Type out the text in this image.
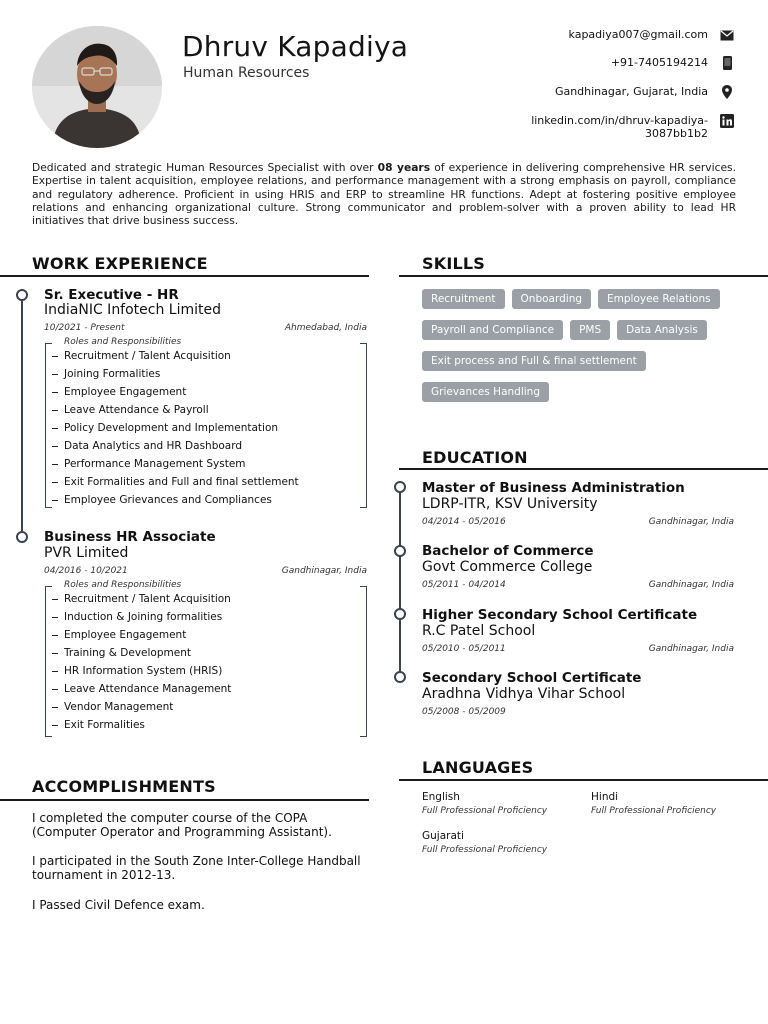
Dhruv Kapadiya
Human Resources
kapadiya007@gmail.com
+91-7405194214
Gandhinagar, Gujarat, India
linkedin.com/in/dhruv-kapadiya-
3087bb1b2

Dedicated and strategic Human Resources Specialist with over 08 years of experience in delivering comprehensive HR services. Expertise in talent acquisition, employee relations, and performance management with a strong emphasis on payroll, compliance and regulatory adherence. Proficient in using HRIS and ERP to streamline HR functions. Adept at fostering positive employee relations and enhancing organizational culture. Strong communicator and problem-solver with a proven ability to lead HR initiatives that drive business success.

WORK EXPERIENCE
Sr. Executive - HR
IndiaNIC Infotech Limited
10/2021 - Present	Ahmedabad, India
Roles and Responsibilities
Recruitment / Talent Acquisition
Joining Formalities
Employee Engagement
Leave Attendance & Payroll
Policy Development and Implementation
Data Analytics and HR Dashboard
Performance Management System
Exit Formalities and Full and final settlement
Employee Grievances and Compliances
Business HR Associate
PVR Limited
04/2016 - 10/2021	Gandhinagar, India
Roles and Responsibilities
Recruitment / Talent Acquisition
Induction & Joining formalities
Employee Engagement
Training & Development
HR Information System (HRIS)
Leave Attendance Management
Vendor Management
Exit Formalities
ACCOMPLISHMENTS

I completed the computer course of the COPA (Computer Operator and Programming Assistant).

I participated in the South Zone Inter-College Handball tournament in 2012-13.

I Passed Civil Defence exam.

SKILLS
Recruitment	Onboarding	Employee Relations
Payroll and Compliance	PMS	Data Analysis
Exit process and Full & final settlement
Grievances Handling
EDUCATION
Master of Business Administration
LDRP-ITR, KSV University
04/2014 - 05/2016	Gandhinagar, India
Bachelor of Commerce
Govt Commerce College
05/2011 - 04/2014	Gandhinagar, India
Higher Secondary School Certificate
R.C Patel School
05/2010 - 05/2011	Gandhinagar, India
Secondary School Certificate
Aradhna Vidhya Vihar School
05/2008 - 05/2009
LANGUAGES
English
Full Professional Proficiency
Hindi
Full Professional Proficiency
Gujarati
Full Professional Proficiency
